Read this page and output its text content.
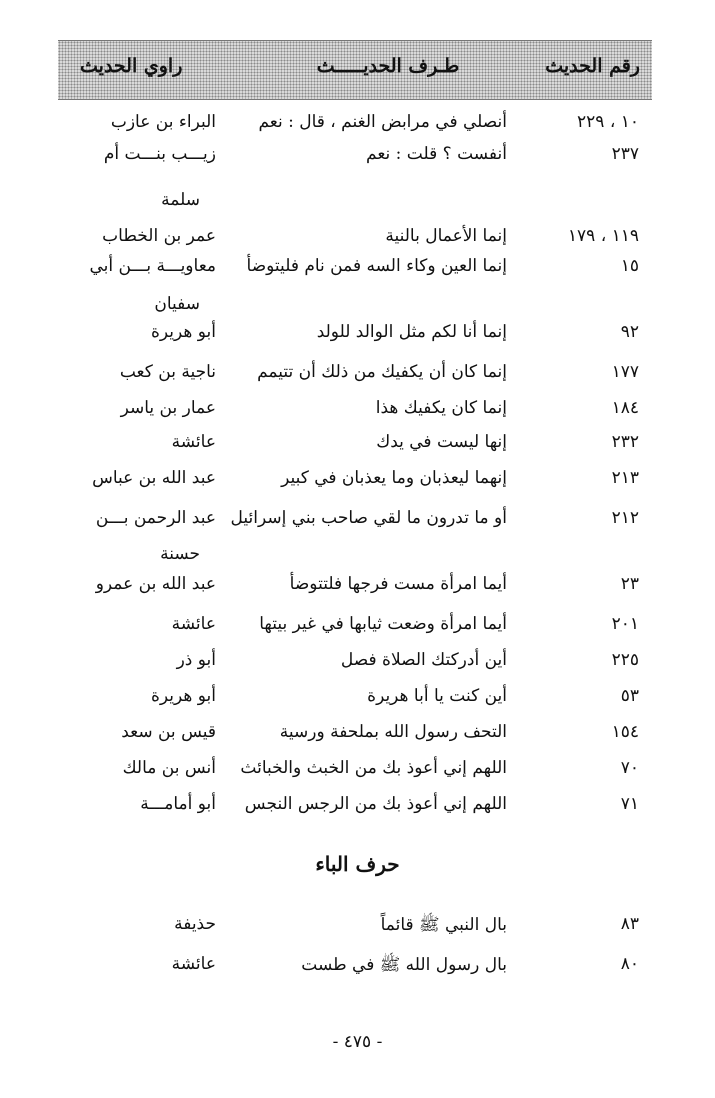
رقم الحديث
طـرف الحديـــــث
راوي الحديث
١٠ ، ٢٢٩
أنصلي في مرابض الغنم ، قال : نعم
البراء بن عازب
٢٣٧
أنفست ؟ قلت : نعم
زيـــب بنـــت أم
سلمة
١١٩ ، ١٧٩
إنما الأعمال بالنية
عمر بن الخطاب
١٥
إنما العين وكاء السه فمن نام فليتوضأ
معاويـــة بـــن أبي
سفيان
٩٢
إنما أنا لكم مثل الوالد للولد
أبو هريرة
١٧٧
إنما كان أن يكفيك من ذلك أن تتيمم
ناجية بن كعب
١٨٤
إنما كان يكفيك هذا
عمار بن ياسر
٢٣٢
إنها ليست في يدك
عائشة
٢١٣
إنهما ليعذبان وما يعذبان في كبير
عبد الله بن عباس
٢١٢
أو ما تدرون ما لقي صاحب بني إسرائيل
عبد الرحمن بـــن
حسنة
٢٣
أيما امرأة مست فرجها فلتتوضأ
عبد الله بن عمرو
٢٠١
أيما امرأة وضعت ثيابها في غير بيتها
عائشة
٢٢٥
أين أدركتك الصلاة فصل
أبو ذر
٥٣
أين كنت يا أبا هريرة
أبو هريرة
١٥٤
التحف رسول الله بملحفة ورسية
قيس بن سعد
٧٠
اللهم إني أعوذ بك من الخبث والخبائث
أنس بن مالك
٧١
اللهم إني أعوذ بك من الرجس النجس
أبو أمامـــة
حرف الباء
٨٣
بال النبي ﷺ قائماً
حذيفة
٨٠
بال رسول الله ﷺ في طست
عائشة
- ٤٧٥ -
